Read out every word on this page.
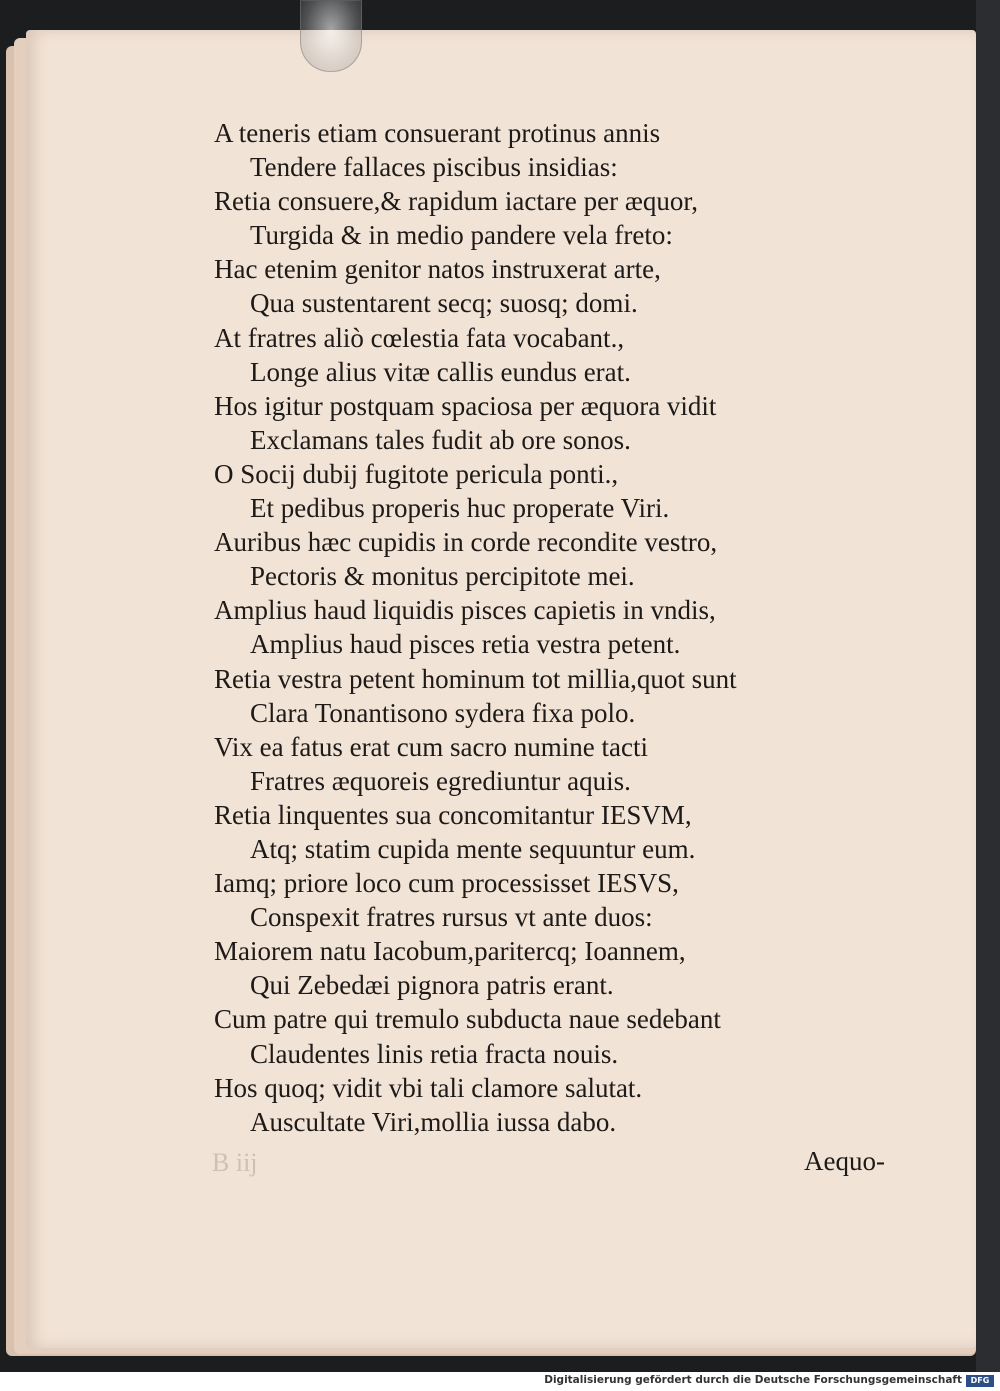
A teneris etiam consuerant protinus annis
Tendere fallaces piscibus insidias:
Retia consuere,& rapidum iactare per æquor,
Turgida & in medio pandere vela freto:
Hac etenim genitor natos instruxerat arte,
Qua sustentarent secq; suosq; domi.
At fratres aliò cœlestia fata vocabant.,
Longe alius vitæ callis eundus erat.
Hos igitur postquam spaciosa per æquora vidit
Exclamans tales fudit ab ore sonos.
O Socij dubij fugitote pericula ponti.,
Et pedibus properis huc properate Viri.
Auribus hæc cupidis in corde recondite vestro,
Pectoris & monitus percipitote mei.
Amplius haud liquidis pisces capietis in vndis,
Amplius haud pisces retia vestra petent.
Retia vestra petent hominum tot millia,quot sunt
Clara Tonantisono sydera fixa polo.
Vix ea fatus erat cum sacro numine tacti
Fratres æquoreis egrediuntur aquis.
Retia linquentes sua concomitantur IESVM,
Atq; statim cupida mente sequuntur eum.
Iamq; priore loco cum processisset IESVS,
Conspexit fratres rursus vt ante duos:
Maiorem natu Iacobum,paritercq; Ioannem,
Qui Zebedæi pignora patris erant.
Cum patre qui tremulo subducta naue sedebant
Claudentes linis retia fracta nouis.
Hos quoq; vidit vbi tali clamore salutat.
Auscultate Viri,mollia iussa dabo.
B iij	Aequo-
Digitalisierung gefördert durch die Deutsche Forschungsgemeinschaft	DFG
